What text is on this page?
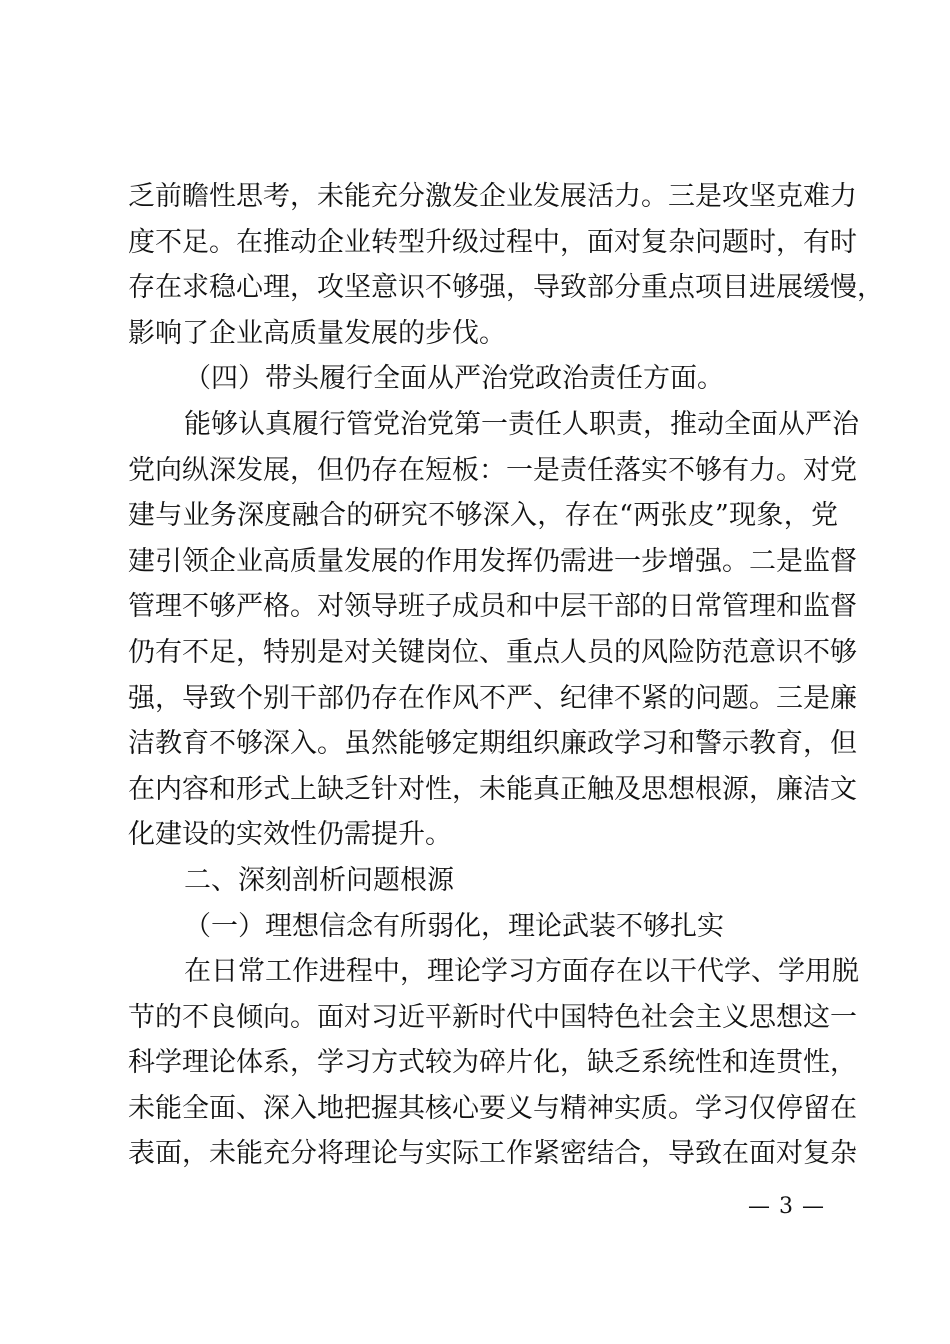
乏前瞻性思考，未能充分激发企业发展活力。三是攻坚克难力
度不足。在推动企业转型升级过程中，面对复杂问题时，有时
存在求稳心理，攻坚意识不够强，导致部分重点项目进展缓慢，
影响了企业高质量发展的步伐。
（四）带头履行全面从严治党政治责任方面。
能够认真履行管党治党第一责任人职责，推动全面从严治
党向纵深发展，但仍存在短板：一是责任落实不够有力。对党
建与业务深度融合的研究不够深入，存在“两张皮”现象，党
建引领企业高质量发展的作用发挥仍需进一步增强。二是监督
管理不够严格。对领导班子成员和中层干部的日常管理和监督
仍有不足，特别是对关键岗位、重点人员的风险防范意识不够
强，导致个别干部仍存在作风不严、纪律不紧的问题。三是廉
洁教育不够深入。虽然能够定期组织廉政学习和警示教育，但
在内容和形式上缺乏针对性，未能真正触及思想根源，廉洁文
化建设的实效性仍需提升。
二、深刻剖析问题根源
（一）理想信念有所弱化，理论武装不够扎实
在日常工作进程中，理论学习方面存在以干代学、学用脱
节的不良倾向。面对习近平新时代中国特色社会主义思想这一
科学理论体系，学习方式较为碎片化，缺乏系统性和连贯性，
未能全面、深入地把握其核心要义与精神实质。学习仅停留在
表面，未能充分将理论与实际工作紧密结合，导致在面对复杂
— 3 —
